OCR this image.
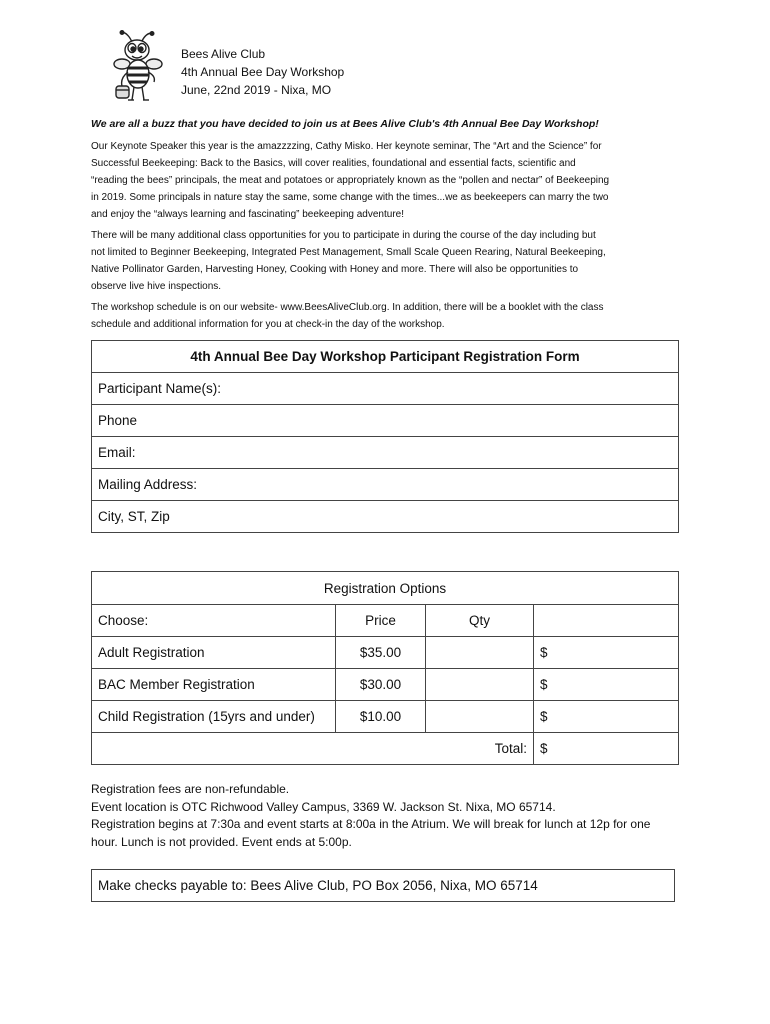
Bees Alive Club
4th Annual Bee Day Workshop
June, 22nd 2019 - Nixa, MO
We are all a buzz that you have decided to join us at Bees Alive Club's 4th Annual Bee Day Workshop!
Our Keynote Speaker this year is the amazzzzing, Cathy Misko. Her keynote seminar, The “Art and the Science” for
Successful Beekeeping: Back to the Basics, will cover realities, foundational and essential facts, scientific and
“reading the bees” principals, the meat and potatoes or appropriately known as the “pollen and nectar” of Beekeeping
in 2019. Some principals in nature stay the same, some change with the times...we as beekeepers can marry the two
and enjoy the “always learning and fascinating” beekeeping adventure!
There will be many additional class opportunities for you to participate in during the course of the day including but
not limited to Beginner Beekeeping, Integrated Pest Management, Small Scale Queen Rearing, Natural Beekeeping,
Native Pollinator Garden, Harvesting Honey, Cooking with Honey and more. There will also be opportunities to
observe live hive inspections.
The workshop schedule is on our website- www.BeesAliveClub.org. In addition, there will be a booklet with the class
schedule and additional information for you at check-in the day of the workshop.
4th Annual Bee Day Workshop Participant Registration Form
Participant Name(s):
Phone
Email:
Mailing Address:
City, ST, Zip
Registration Options			
Choose:	Price	Qty	
Adult Registration	$35.00		$
BAC Member Registration	$30.00		$
Child Registration (15yrs and under)	$10.00		$
Total:			$
Registration fees are non-refundable.
Event location is OTC Richwood Valley Campus, 3369 W. Jackson St. Nixa, MO 65714.
Registration begins at 7:30a and event starts at 8:00a in the Atrium. We will break for lunch at 12p for one
hour. Lunch is not provided. Event ends at 5:00p.
Make checks payable to: Bees Alive Club, PO Box 2056, Nixa, MO 65714
